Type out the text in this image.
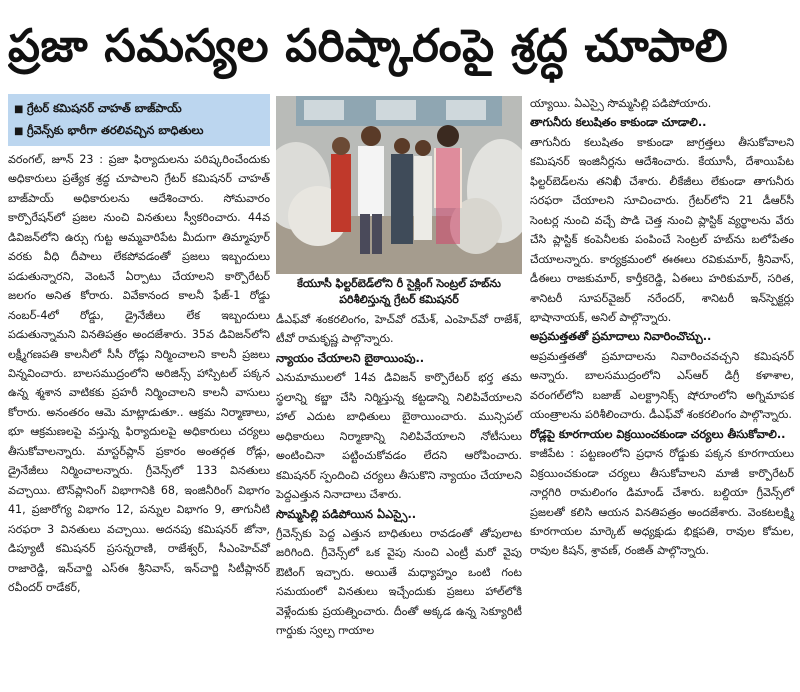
ప్రజా సమస్యల పరిష్కారంపై శ్రద్ధ చూపాలి
■ గ్రేటర్ కమిషనర్ చాహత్ బాజ్‌పాయ్
■ గ్రీవెన్స్‌కు భారీగా తరలివచ్చిన బాధితులు
వరంగల్, జూన్ 23 : ప్రజా ఫిర్యాదులను పరిష్కరించేందుకు అధికారులు ప్రత్యేక శ్రద్ధ చూపాలని గ్రేటర్ కమిషనర్ చాహత్ బాజ్‌పాయ్ అధికారులను ఆదేశించారు. సోమవారం కార్పొరేషన్‌లో ప్రజల నుంచి వినతులు స్వీకరించారు. 44వ డివిజన్‌లోని ఉర్సు గుట్ట అమ్మవారిపేట మీదుగా తిమ్మాపూర్ వరకు వీధి దీపాలు లేకపోవడంతో ప్రజలు ఇబ్బందులు పడుతున్నారని, వెంటనే ఏర్పాటు చేయాలని కార్పొరేటర్ జలగం అనిత కోరారు. వివేకానంద కాలనీ ఫేజ్-1 రోడ్డు నంబర్-4లో రోడ్డు, డ్రైనేజీలు లేక ఇబ్బందులు పడుతున్నామని వినతిపత్రం అందజేశారు. 35వ డివిజన్‌లోని లక్ష్మీగణపతి కాలనీలో సీసీ రోడ్లు నిర్మించాలని కాలనీ ప్రజలు విన్నవించారు. బాలసముద్రంలోని అరిజిన్స్ హాస్పిటల్ పక్కన ఉన్న శ్మశాన వాటికకు ప్రహరీ నిర్మించాలని కాలనీ వాసులు కోరారు. అనంతరం ఆమె మాట్లాడుతూ.. ఆక్రమ నిర్మాణాలు, భూ ఆక్రమణలపై వస్తున్న ఫిర్యాదులపై అధికారులు చర్యలు తీసుకోవాలన్నారు. మాస్టర్‌ప్లాన్ ప్రకారం అంతర్గత రోడ్లు, డ్రైనేజీలు నిర్మించాలన్నారు. గ్రీవెన్స్‌లో 133 వినతులు వచ్చాయి. టౌన్‌ప్లానింగ్ విభాగానికి 68, ఇంజినీరింగ్ విభాగం 41, ప్రజారోగ్య విభాగం 12, పన్నుల విభాగం 9, తాగునీటి సరఫరా 3 వినతులు వచ్చాయి. అదనపు కమిషనర్ జోనా, డిప్యూటీ కమిషనర్ ప్రసన్నరాణి, రాజేశ్వర్, సీఎంహెచ్‌వో రాజారెడ్డి, ఇన్‌చార్జి ఎస్‌ఈ శ్రీనివాస్, ఇన్‌చార్జి సిటీప్లానర్ రవీందర్ రాడేకర్,
కేయూసీ ఫిల్టర్‌బెడ్‌లోని రీ సైక్లింగ్ సెంట్రల్ హబ్‌ను పరిశీలిస్తున్న గ్రేటర్ కమిషనర్
డీఎఫ్‌వో శంకరలింగం, హెచ్‌వో రమేశ్, ఎంహెచ్‌వో రాజేశ్, టీవో రామకృష్ణ పాల్గొన్నారు.
న్యాయం చేయాలని బైఠాయింపు..
ఎనుమాములలో 14వ డివిజన్ కార్పొరేటర్ భర్త తమ స్థలాన్ని కబ్జా చేసి నిర్మిస్తున్న కట్టడాన్ని నిలిపివేయాలని హాల్ ఎదుట బాధితులు బైఠాయించారు. మున్సిపల్ అధికారులు నిర్మాణాన్ని నిలిపివేయాలని నోటీసులు అంటించినా పట్టించుకోవడం లేదని ఆరోపించారు. కమిషనర్ స్పందించి చర్యలు తీసుకొని న్యాయం చేయాలని పెద్దఎత్తున నినాదాలు చేశారు.
సొమ్మసిల్లి పడిపోయిన ఏఎస్సై..
గ్రీవెన్స్‌కు పెద్ద ఎత్తున బాధితులు రావడంతో తోపులాట జరిగింది. గ్రీవెన్స్‌లో ఒక వైపు నుంచి ఎంట్రీ మరో వైపు ఔటింగ్ ఇచ్చారు. అయితే మధ్యాహ్నం ఒంటి గంట సమయంలో వినతులు ఇచ్చేందుకు ప్రజలు హాల్‌లోకి వెళ్లేందుకు ప్రయత్నించారు. దీంతో అక్కడ ఉన్న సెక్యూరిటీ గార్డుకు స్వల్ప గాయాల
య్యాయి. ఏఎస్సై సొమ్మసిల్లి పడిపోయారు.
తాగునీరు కలుషితం కాకుండా చూడాలి..
తాగునీరు కలుషితం కాకుండా జాగ్రత్తలు తీసుకోవాలని కమిషనర్ ఇంజినీర్లను ఆదేశించారు. కేయూసీ, దేశాయిపేట ఫిల్టర్‌బెడ్‌లను తనిఖీ చేశారు. లీకేజీలు లేకుండా తాగునీరు సరఫరా చేయాలని సూచించారు. గ్రేటర్‌లోని 21 డీఆర్‌సీ సెంటర్ల నుంచి వచ్చే పొడి చెత్త నుంచి ప్లాస్టిక్ వ్యర్థాలను వేరు చేసి ప్లాస్టిక్ కంపెనీలకు పంపించే సెంట్రల్ హబ్‌ను బలోపేతం చేయాలన్నారు. కార్యక్రమంలో ఈఈలు రవికుమార్, శ్రీనివాస్, డీఈలు రాజకుమార్, కార్తీకరెడ్డి, ఏఈలు హరికుమార్, సరిత, శానిటరీ సూపర్‌వైజర్ నరేందర్, శానిటరీ ఇన్‌స్పెక్టర్లు భాషానాయక్, అనిల్ పాల్గొన్నారు.
అప్రమత్తతతో ప్రమాదాలు నివారించొచ్చు..
అప్రమత్తతతో ప్రమాదాలను నివారించవచ్చని కమిషనర్ అన్నారు. బాలసముద్రంలోని ఎస్‌ఆర్ డిగ్రీ కళాశాల, వరంగల్‌లోని బజాజ్ ఎలక్ట్రానిక్స్ షోరూంలోని అగ్నిమాపక యంత్రాలను పరిశీలించారు. డీఎఫ్‌వో శంకరలింగం పాల్గొన్నారు.
రోడ్లపై కూరగాయల విక్రయించకుండా చర్యలు తీసుకోవాలి..
కాజీపేట : పట్టణంలోని ప్రధాన రోడ్డుకు పక్కన కూరగాయలు విక్రయించకుండా చర్యలు తీసుకోవాలని మాజీ కార్పొరేటర్ నార్లగిరి రామలింగం డిమాండ్ చేశారు. బల్దియా గ్రీవెన్స్‌లో ప్రజలతో కలిసి ఆయన వినతిపత్రం అందజేశారు. వెంకటలక్ష్మి కూరగాయల మార్కెట్ అధ్యక్షుడు భిక్షపతి, రావుల కోమల, రావుల కిషన్, శ్రావణ్, రంజిత్ పాల్గొన్నారు.
